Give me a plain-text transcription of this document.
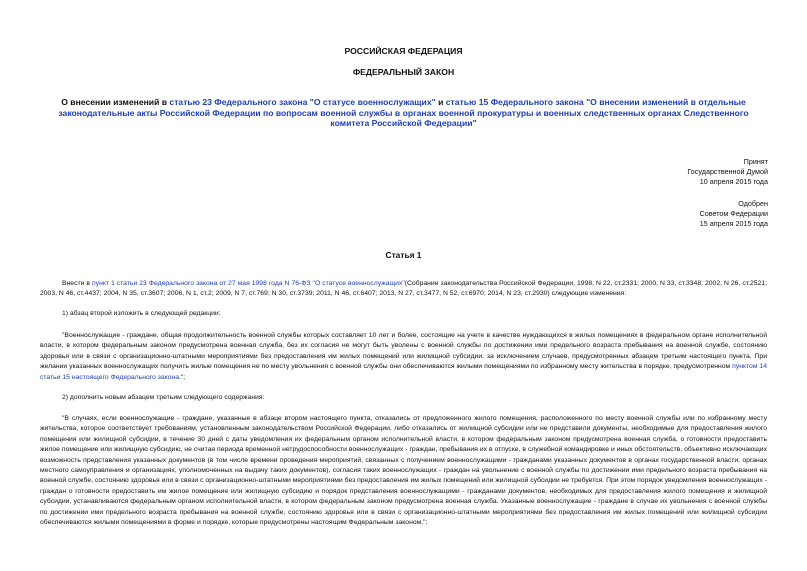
РОССИЙСКАЯ ФЕДЕРАЦИЯ
ФЕДЕРАЛЬНЫЙ ЗАКОН
О внесении изменений в статью 23 Федерального закона "О статусе военнослужащих" и статью 15 Федерального закона "О внесении изменений в отдельные законодательные акты Российской Федерации по вопросам военной службы в органах военной прокуратуры и военных следственных органах Следственного комитета Российской Федерации"
Принят
Государственной Думой
10 апреля 2015 года
Одобрен
Советом Федерации
15 апреля 2015 года
Статья 1
Внести в пункт 1 статьи 23 Федерального закона от 27 мая 1998 года N 76-ФЗ "О статусе военнослужащих"(Собрание законодательства Российской Федерации, 1998, N 22, ст.2331; 2000, N 33, ст.3348; 2002, N 26, ст.2521; 2003, N 46, ст.4437; 2004, N 35, ст.3607; 2006, N 1, ст.2; 2009, N 7, ст.769; N 30, ст.3739; 2011, N 46, ст.6407; 2013, N 27, ст.3477; N 52, ст.6970; 2014, N 23, ст.2930) следующие изменения:
1) абзац второй изложить в следующей редакции:
"Военнослужащие - граждане, общая продолжительность военной службы которых составляет 10 лет и более, состоящие на учете в качестве нуждающихся в жилых помещениях в федеральном органе исполнительной власти, в котором федеральным законом предусмотрена военная служба, без их согласия не могут быть уволены с военной службы по достижении ими предельного возраста пребывания на военной службе, состоянию здоровья или в связи с организационно-штатными мероприятиями без предоставления им жилых помещений или жилищной субсидии, за исключением случаев, предусмотренных абзацем третьим настоящего пункта. При желании указанных военнослужащих получить жилые помещения не по месту увольнения с военной службы они обеспечиваются жилыми помещениями по избранному месту жительства в порядке, предусмотренном пунктом 14 статьи 15 настоящего Федерального закона.";
2) дополнить новым абзацем третьим следующего содержания:
"В случаях, если военнослужащие - граждане, указанные в абзаце втором настоящего пункта, отказались от предложенного жилого помещения, расположенного по месту военной службы или по избранному месту жительства, которое соответствует требованиям, установленным законодательством Российской Федерации, либо отказались от жилищной субсидии или не представили документы, необходимые для предоставления жилого помещения или жилищной субсидии, в течение 30 дней с даты уведомления их федеральным органом исполнительной власти, в котором федеральным законом предусмотрена военная служба, о готовности предоставить жилое помещение или жилищную субсидию, не считая периода временной нетрудоспособности военнослужащих - граждан, пребывания их в отпуске, в служебной командировке и иных обстоятельств, объективно исключающих возможность представления указанных документов (в том числе времени проведения мероприятий, связанных с получением военнослужащими - гражданами указанных документов в органах государственной власти, органах местного самоуправления и организациях, уполномоченных на выдачу таких документов), согласия таких военнослужащих - граждан на увольнение с военной службы по достижении ими предельного возраста пребывания на военной службе, состоянию здоровья или в связи с организационно-штатными мероприятиями без предоставления им жилых помещений или жилищной субсидии не требуется. При этом порядок уведомления военнослужащих - граждан о готовности предоставить им жилое помещение или жилищную субсидию и порядок представления военнослужащими - гражданами документов, необходимых для предоставления жилого помещения и жилищной субсидии, устанавливаются федеральным органом исполнительной власти, в котором федеральным законом предусмотрена военная служба. Указанные военнослужащие - граждане в случае их увольнения с военной службы по достижении ими предельного возраста пребывания на военной службе, состоянию здоровья или в связи с организационно-штатными мероприятиями без предоставления им жилых помещений или жилищной субсидии обеспечиваются жилыми помещениями в форме и порядке, которые предусмотрены настоящим Федеральным законом.";
